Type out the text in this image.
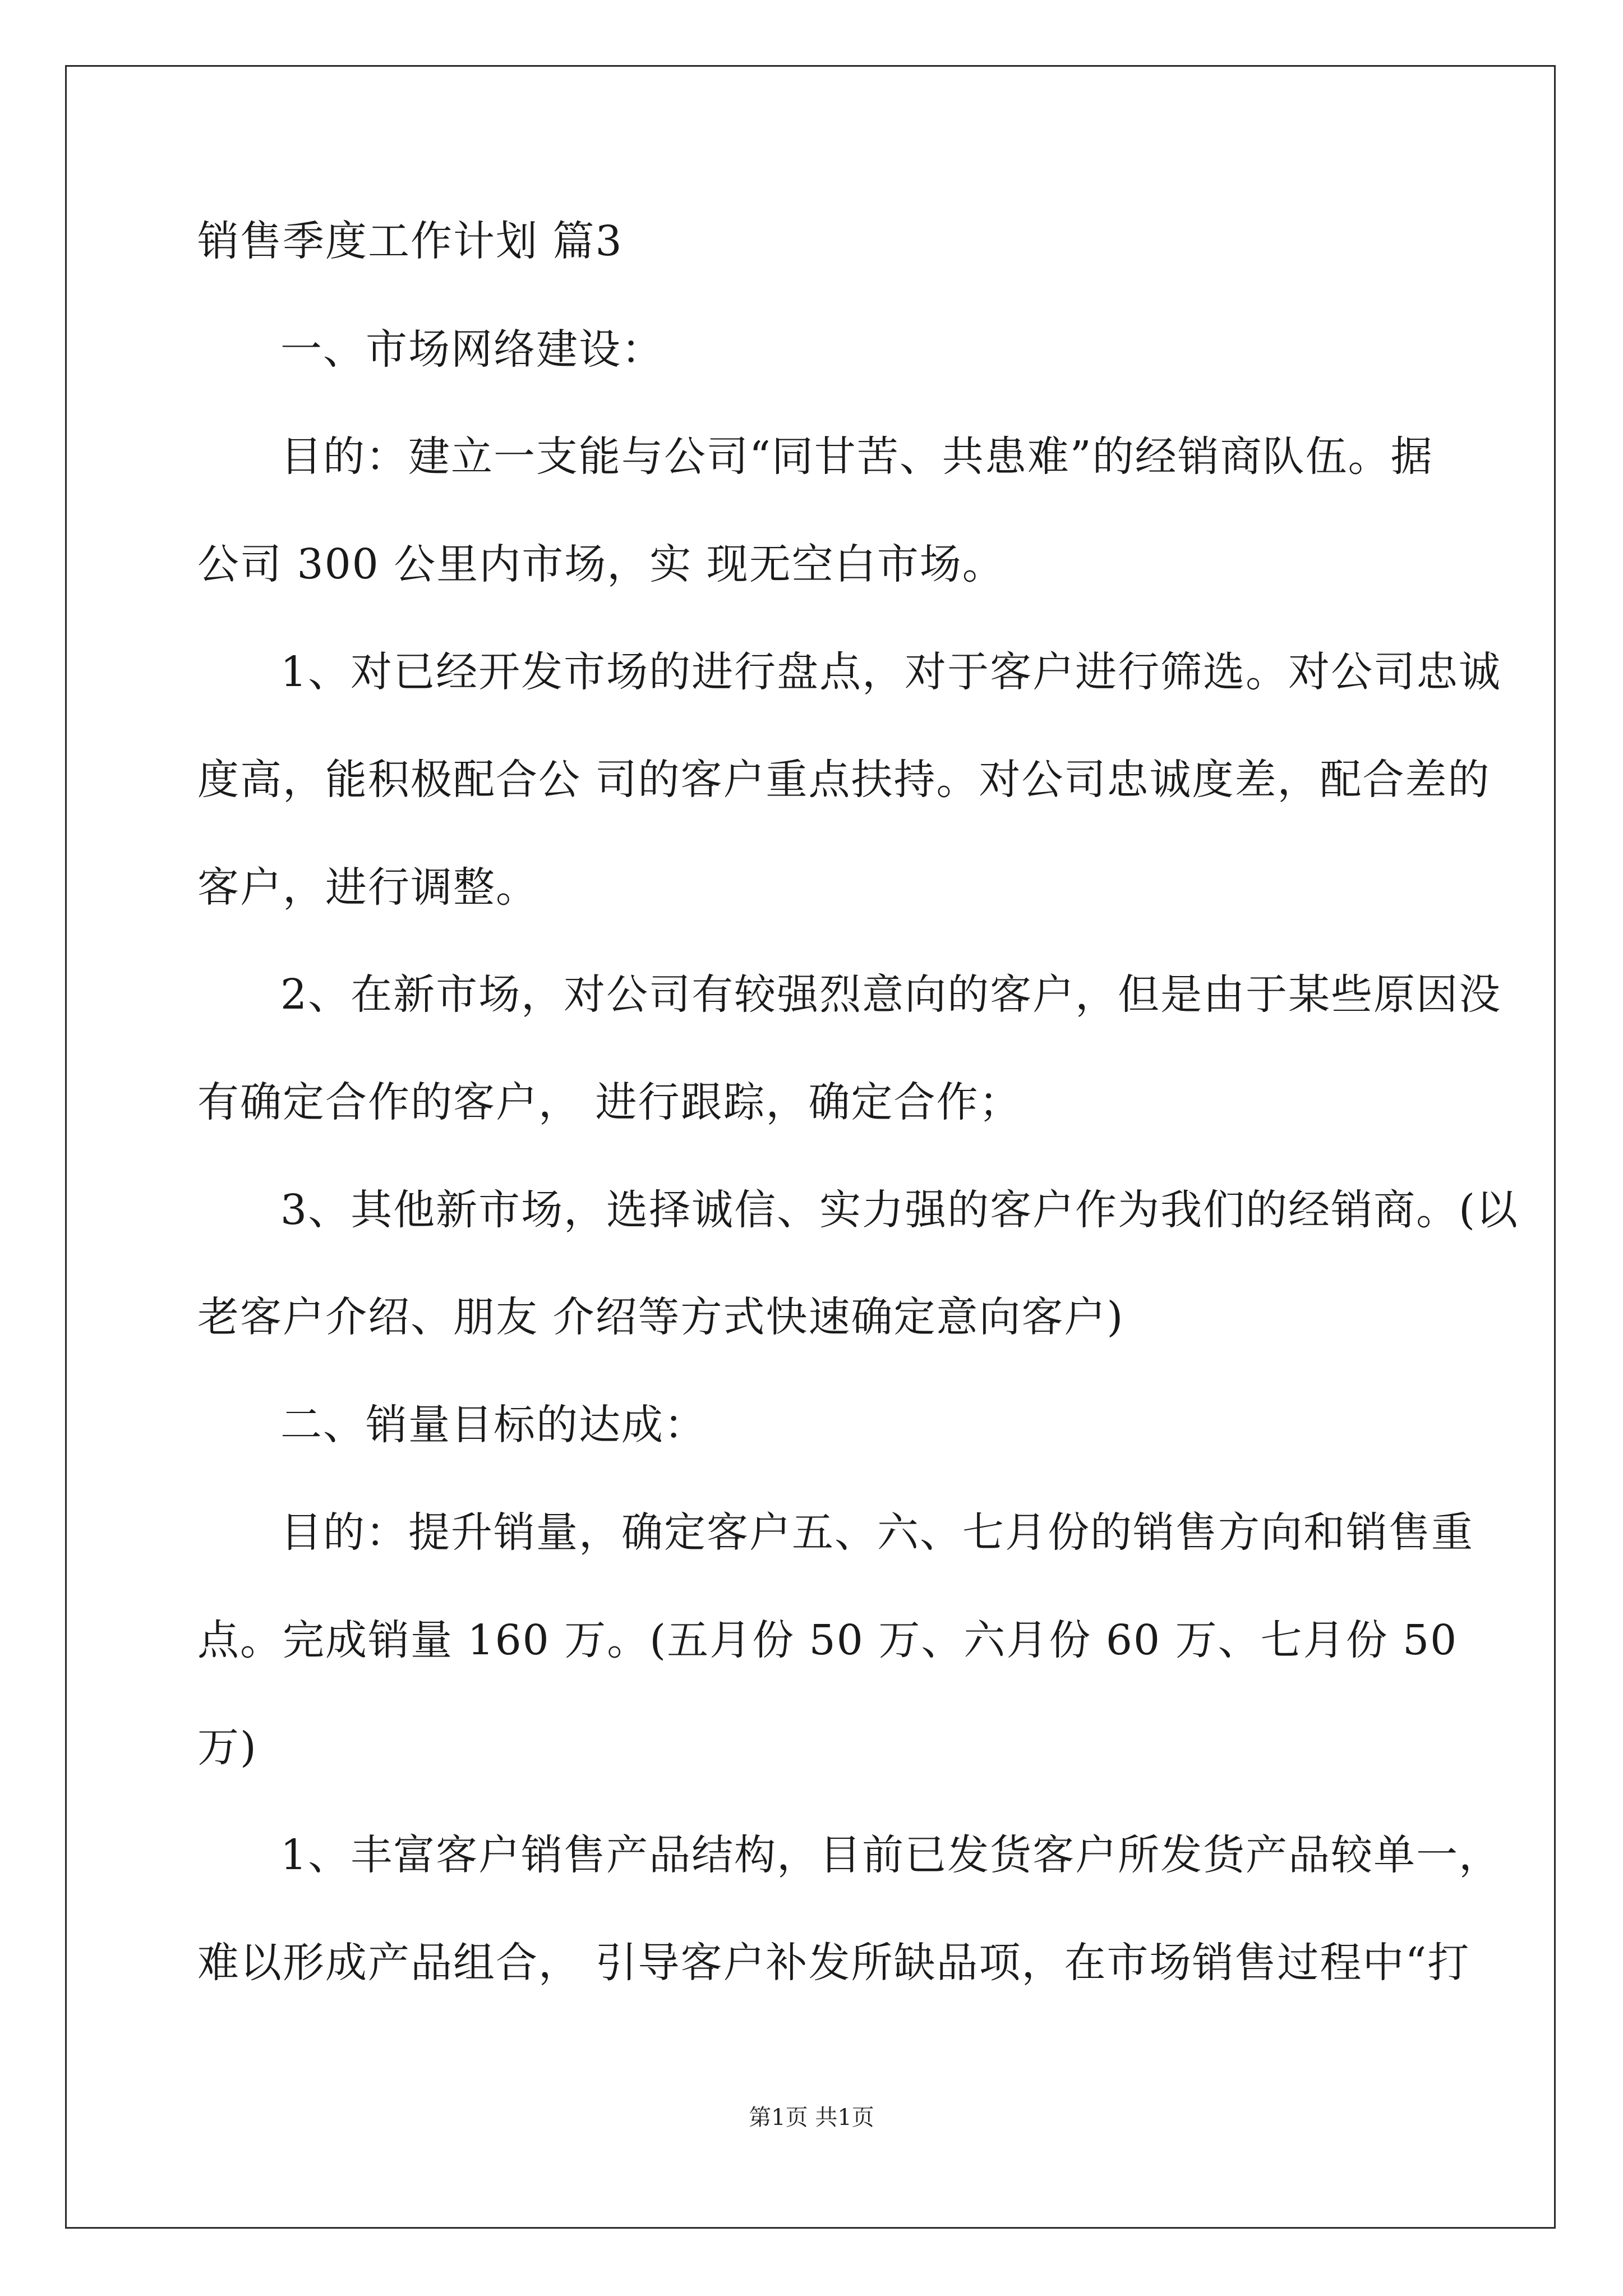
销售季度工作计划 篇3
一、市场网络建设：
目的：建立一支能与公司“同甘苦、共患难”的经销商队伍。据
公司 300 公里内市场，实 现无空白市场。
1、对已经开发市场的进行盘点，对于客户进行筛选。对公司忠诚
度高，能积极配合公 司的客户重点扶持。对公司忠诚度差，配合差的
客户，进行调整。
2、在新市场，对公司有较强烈意向的客户，但是由于某些原因没
有确定合作的客户， 进行跟踪，确定合作；
3、其他新市场，选择诚信、实力强的客户作为我们的经销商。(以
老客户介绍、朋友 介绍等方式快速确定意向客户)
二、销量目标的达成：
目的：提升销量，确定客户五、六、七月份的销售方向和销售重
点。完成销量 160 万。(五月份 50 万、六月份 60 万、七月份 50
万)
1、丰富客户销售产品结构，目前已发货客户所发货产品较单一，
难以形成产品组合， 引导客户补发所缺品项，在市场销售过程中“打
第1页 共1页
